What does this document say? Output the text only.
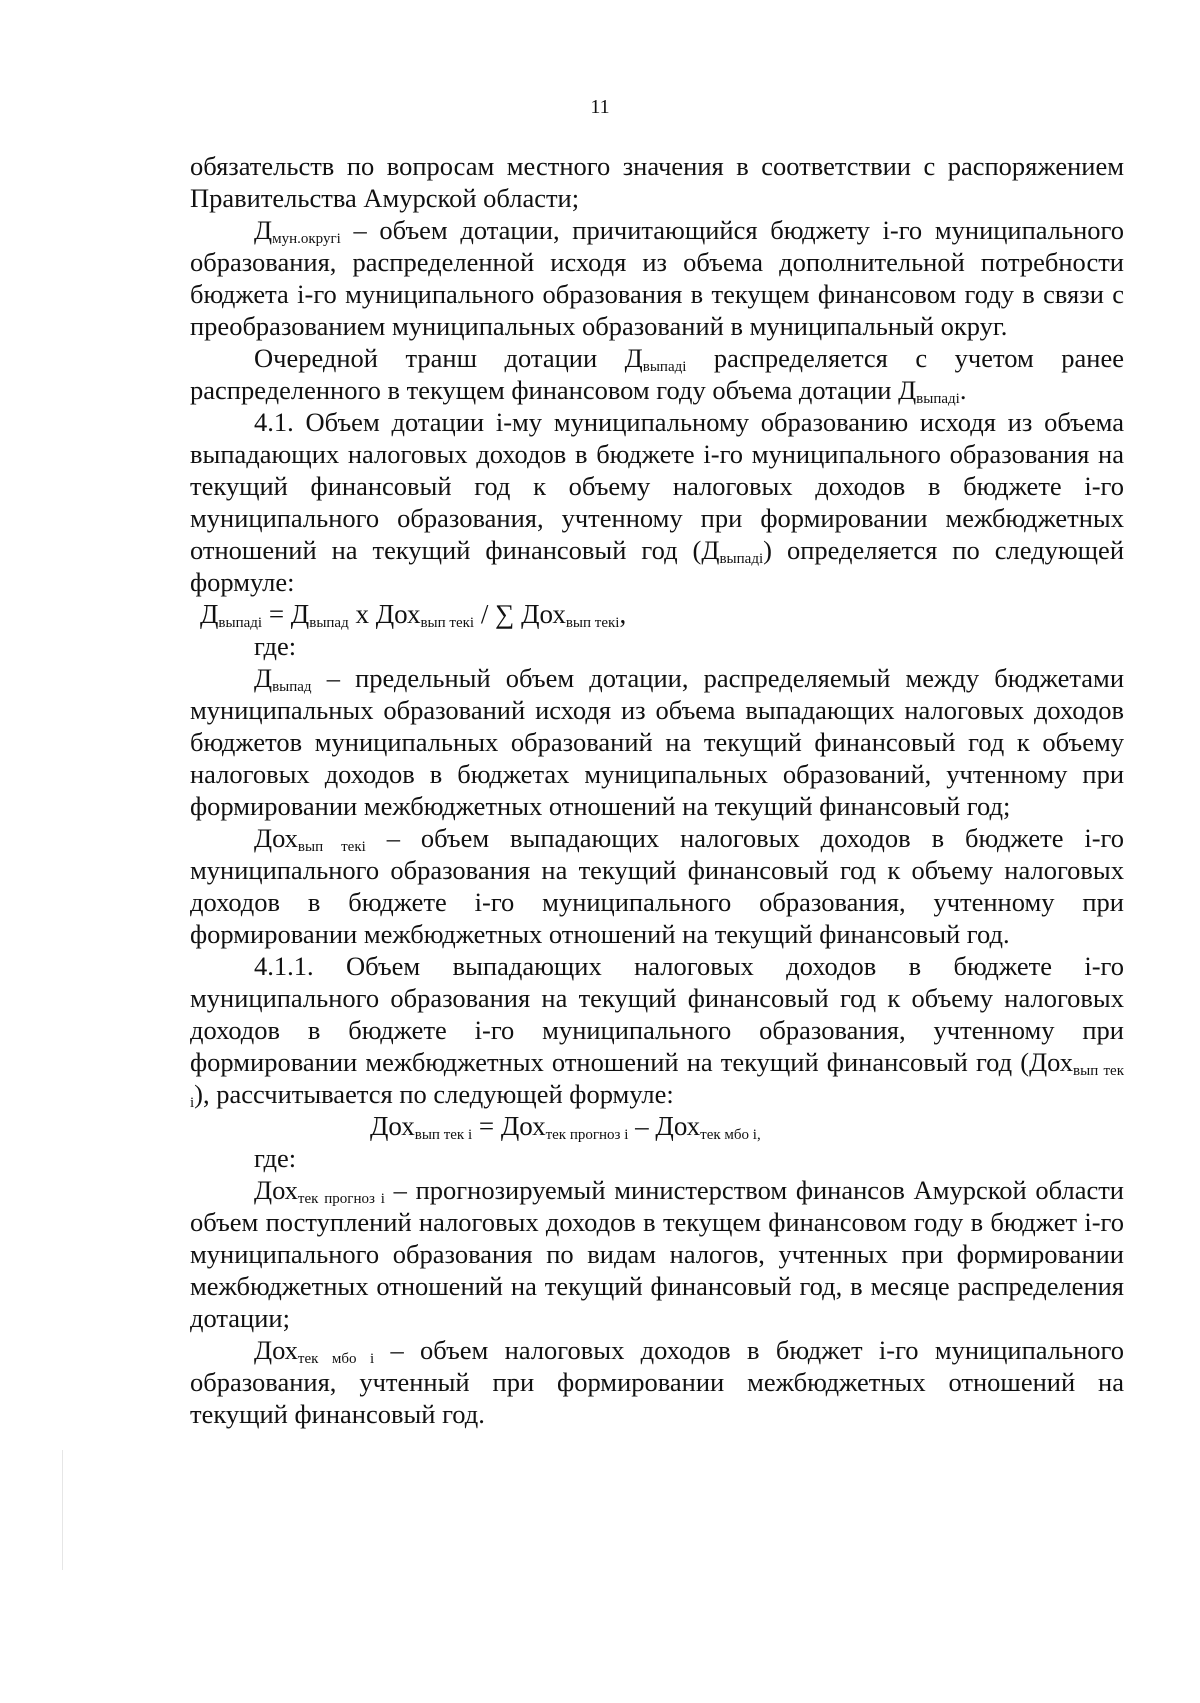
11

обязательств по вопросам местного значения в соответствии с распоряжением Правительства Амурской области;

$Д_{мун.округі}$ – объем дотации, причитающийся бюджету і-го муниципального образования, распределенной исходя из объема дополнительной потребности бюджета і-го муниципального образования в текущем финансовом году в связи с преобразованием муниципальных образований в муниципальный округ.

Очередной транш дотации $Д_{выпадi}$ распределяется с учетом ранее распределенного в текущем финансовом году объема дотации $Д_{выпадi}$.

4.1. Объем дотации і-му муниципальному образованию исходя из объема выпадающих налоговых доходов в бюджете і-го муниципального образования на текущий финансовый год к объему налоговых доходов в бюджете і-го муниципального образования, учтенному при формировании межбюджетных отношений на текущий финансовый год $(Д_{выпадi})$ определяется по следующей формуле:

$Д_{выпадi} = Д_{выпад}$ х Дох$_{вып текi}$ / ∑ Дох$_{вып текi}$,

где:

$Д_{выпад}$ – предельный объем дотации, распределяемый между бюджетами муниципальных образований исходя из объема выпадающих налоговых доходов бюджетов муниципальных образований на текущий финансовый год к объему налоговых доходов в бюджетах муниципальных образований, учтенному при формировании межбюджетных отношений на текущий финансовый год;

Дох$_{вып текi}$ – объем выпадающих налоговых доходов в бюджете і-го муниципального образования на текущий финансовый год к объему налоговых доходов в бюджете і-го муниципального образования, учтенному при формировании межбюджетных отношений на текущий финансовый год.

4.1.1. Объем выпадающих налоговых доходов в бюджете і-го муниципального образования на текущий финансовый год к объему налоговых доходов в бюджете і-го муниципального образования, учтенному при формировании межбюджетных отношений на текущий финансовый год (Дох$_{вып тек i}$), рассчитывается по следующей формуле:

Дох$_{вып тек i}$ = Дох$_{тек прогноз i}$ – Дох$_{тек мбо i,}$

где:

Дох$_{тек прогноз i}$ – прогнозируемый министерством финансов Амурской области объем поступлений налоговых доходов в текущем финансовом году в бюджет і-го муниципального образования по видам налогов, учтенных при формировании межбюджетных отношений на текущий финансовый год, в месяце распределения дотации;

Дох$_{тек мбо i}$ – объем налоговых доходов в бюджет і-го муниципального образования, учтенный при формировании межбюджетных отношений на текущий финансовый год.
